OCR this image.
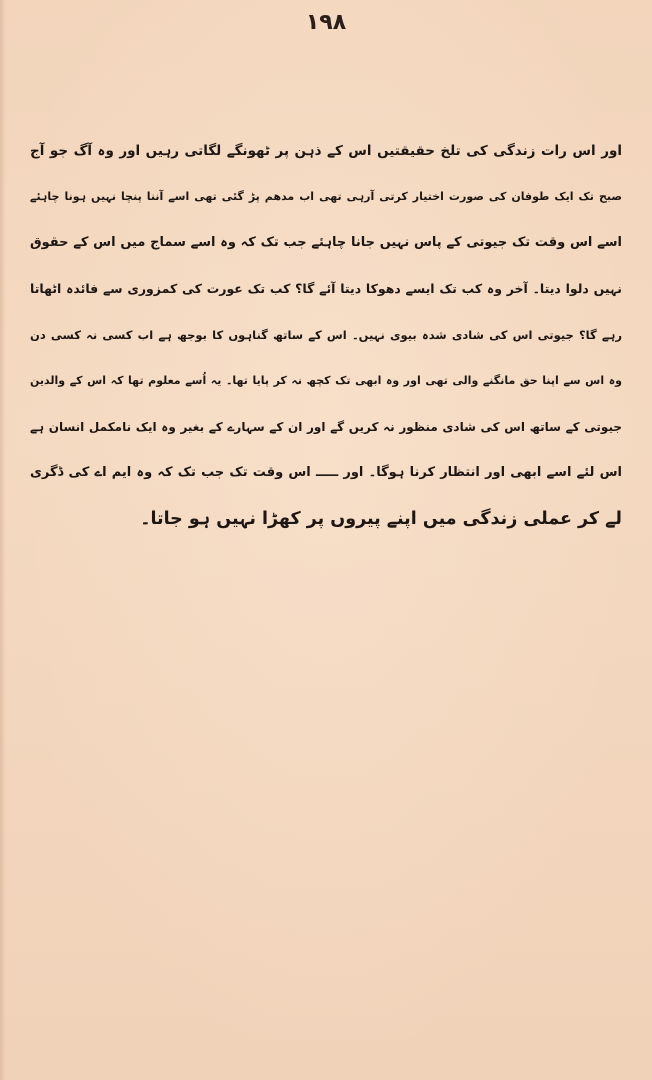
۱۹۸
اور اس رات زندگی کی تلخ حقیقتیں اس کے ذہن پر ٹھونگے لگاتی رہیں اور وہ آگ جو آج
صبح تک ایک طوفان کی صورت اختیار کرتی آرہی تھی اب مدھم پڑ گئی تھی اسے آننا پنچا نہیں ہونا چاہئے
اسے اس وقت تک جیوتی کے پاس نہیں جانا چاہئے جب تک کہ وہ اسے سماج میں اس کے حقوق
نہیں دلوا دیتا۔ آخر وہ کب تک ایسے دھوکا دیتا آئے گا؟ کب تک عورت کی کمزوری سے فائدہ اٹھاتا
رہے گا؟ جیوتی اس کی شادی شدہ بیوی نہیں۔ اس کے ساتھ گناہوں کا بوجھ ہے اب کسی نہ کسی دن
وہ اس سے اپنا حق مانگنے والی تھی اور وہ ابھی تک کچھ نہ کر پایا تھا۔ یہ اُسے معلوم تھا کہ اس کے والدین
جیوتی کے ساتھ اس کی شادی منظور نہ کریں گے اور ان کے سہارے کے بغیر وہ ایک نامکمل انسان ہے
اس لئے اسے ابھی اور انتظار کرنا ہوگا۔ اور ـــــ اس وقت تک جب تک کہ وہ ایم اے کی ڈگری
لے کر عملی زندگی میں اپنے پیروں پر کھڑا نہیں ہو جاتا۔
